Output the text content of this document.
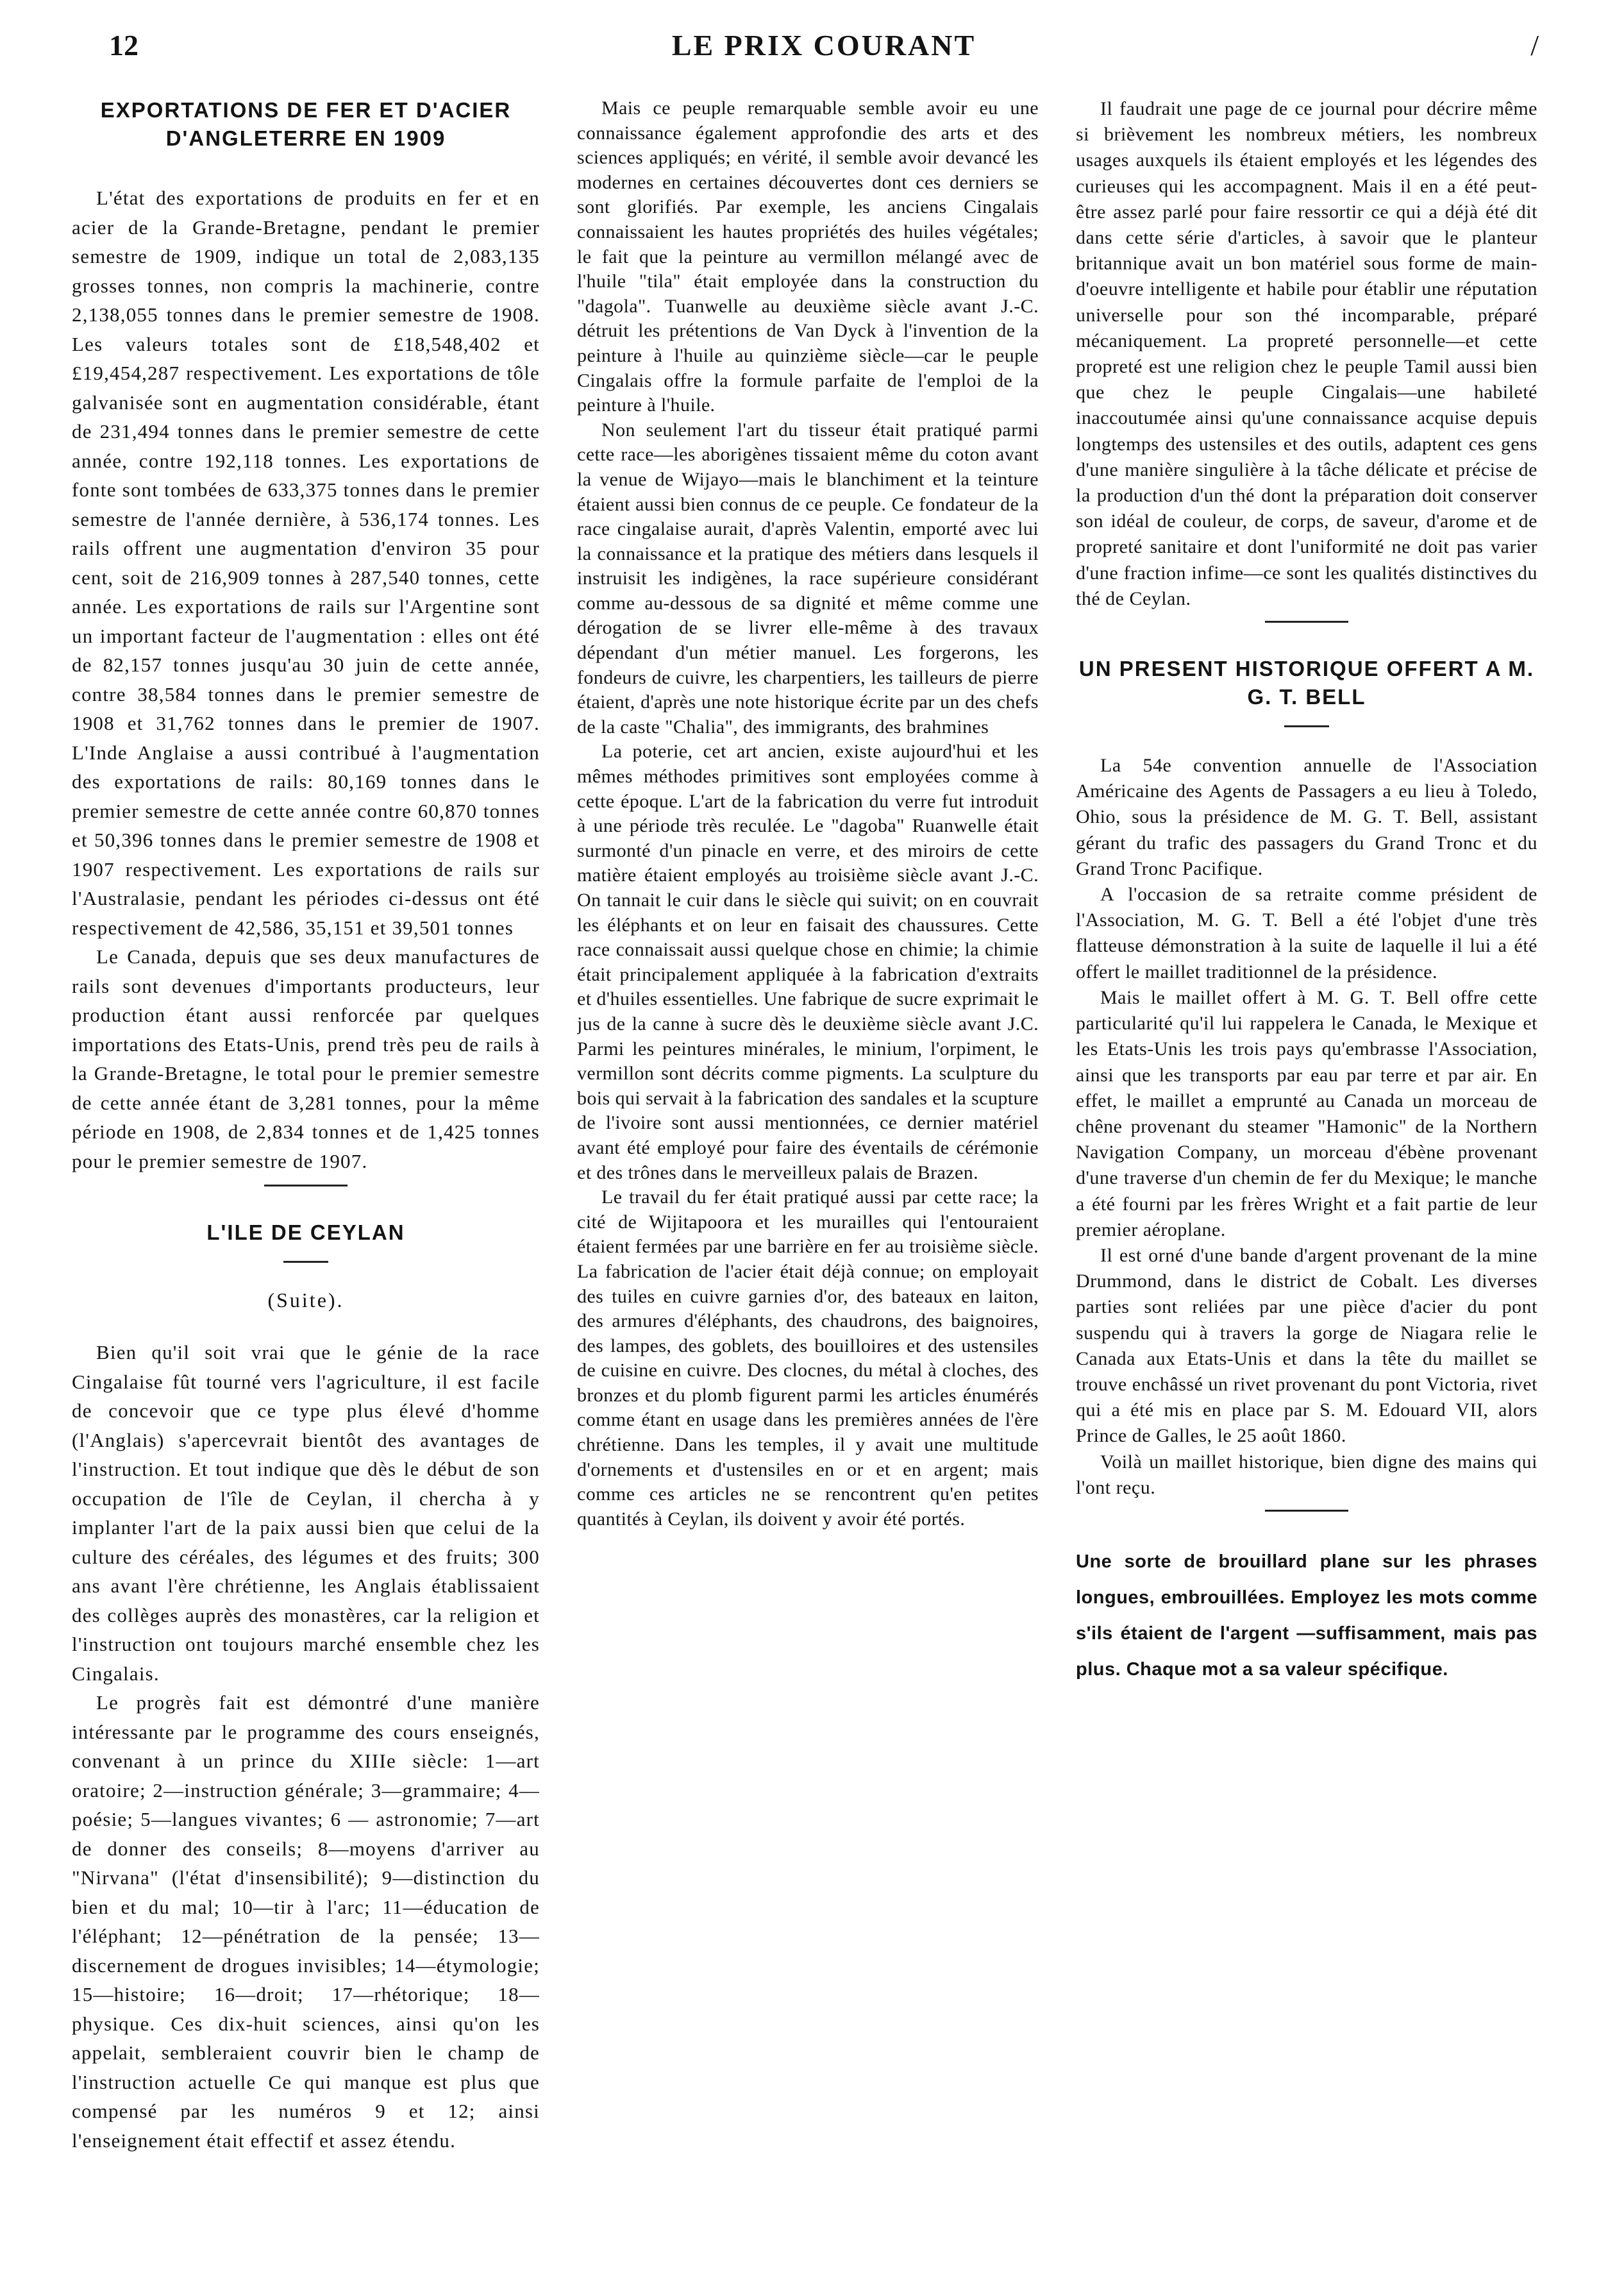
12	LE PRIX COURANT	/
EXPORTATIONS DE FER ET D'ACIER D'ANGLETERRE EN 1909

L'état des exportations de produits en fer et en acier de la Grande-Bretagne, pendant le premier semestre de 1909, indique un total de 2,083,135 grosses tonnes, non compris la machinerie, contre 2,138,055 tonnes dans le premier semestre de 1908. Les valeurs totales sont de £18,548,402 et £19,454,287 respectivement. Les exportations de tôle galvanisée sont en augmentation considérable, étant de 231,494 tonnes dans le premier semestre de cette année, contre 192,118 tonnes. Les exportations de fonte sont tombées de 633,375 tonnes dans le premier semestre de l'année dernière, à 536,174 tonnes. Les rails offrent une augmentation d'environ 35 pour cent, soit de 216,909 tonnes à 287,540 tonnes, cette année. Les exportations de rails sur l'Argentine sont un important facteur de l'augmentation : elles ont été de 82,157 tonnes jusqu'au 30 juin de cette année, contre 38,584 tonnes dans le premier semestre de 1908 et 31,762 tonnes dans le premier de 1907. L'Inde Anglaise a aussi contribué à l'augmentation des exportations de rails: 80,169 tonnes dans le premier semestre de cette année contre 60,870 tonnes et 50,396 tonnes dans le premier semestre de 1908 et 1907 respectivement. Les exportations de rails sur l'Australasie, pendant les périodes ci-dessus ont été respectivement de 42,586, 35,151 et 39,501 tonnes

Le Canada, depuis que ses deux manufactures de rails sont devenues d'importants producteurs, leur production étant aussi renforcée par quelques importations des Etats-Unis, prend très peu de rails à la Grande-Bretagne, le total pour le premier semestre de cette année étant de 3,281 tonnes, pour la même période en 1908, de 2,834 tonnes et de 1,425 tonnes pour le premier semestre de 1907.

L'ILE DE CEYLAN
(Suite).

Bien qu'il soit vrai que le génie de la race Cingalaise fût tourné vers l'agriculture, il est facile de concevoir que ce type plus élevé d'homme (l'Anglais) s'apercevrait bientôt des avantages de l'instruction. Et tout indique que dès le début de son occupation de l'île de Ceylan, il chercha à y implanter l'art de la paix aussi bien que celui de la culture des céréales, des légumes et des fruits; 300 ans avant l'ère chrétienne, les Anglais établissaient des collèges auprès des monastères, car la religion et l'instruction ont toujours marché ensemble chez les Cingalais.

Le progrès fait est démontré d'une manière intéressante par le programme des cours enseignés, convenant à un prince du XIIIe siècle: 1—art oratoire; 2—instruction générale; 3—grammaire; 4—poésie; 5—langues vivantes; 6 — astronomie; 7—art de donner des conseils; 8—moyens d'arriver au "Nirvana" (l'état d'insensibilité); 9—distinction du bien et du mal; 10—tir à l'arc; 11—éducation de l'éléphant; 12—pénétration de la pensée; 13—discernement de drogues invisibles; 14—étymologie; 15—histoire; 16—droit; 17—rhétorique; 18—physique. Ces dix-huit sciences, ainsi qu'on les appelait, sembleraient couvrir bien le champ de l'instruction actuelle Ce qui manque est plus que compensé par les numéros 9 et 12; ainsi l'enseignement était effectif et assez étendu.

Mais ce peuple remarquable semble avoir eu une connaissance également approfondie des arts et des sciences appliqués; en vérité, il semble avoir devancé les modernes en certaines découvertes dont ces derniers se sont glorifiés. Par exemple, les anciens Cingalais connaissaient les hautes propriétés des huiles végétales; le fait que la peinture au vermillon mélangé avec de l'huile "tila" était employée dans la construction du "dagola". Tuanwelle au deuxième siècle avant J.-C. détruit les prétentions de Van Dyck à l'invention de la peinture à l'huile au quinzième siècle—car le peuple Cingalais offre la formule parfaite de l'emploi de la peinture à l'huile.

Non seulement l'art du tisseur était pratiqué parmi cette race—les aborigènes tissaient même du coton avant la venue de Wijayo—mais le blanchiment et la teinture étaient aussi bien connus de ce peuple. Ce fondateur de la race cingalaise aurait, d'après Valentin, emporté avec lui la connaissance et la pratique des métiers dans lesquels il instruisit les indigènes, la race supérieure considérant comme au-dessous de sa dignité et même comme une dérogation de se livrer elle-même à des travaux dépendant d'un métier manuel. Les forgerons, les fondeurs de cuivre, les charpentiers, les tailleurs de pierre étaient, d'après une note historique écrite par un des chefs de la caste "Chalia", des immigrants, des brahmines

La poterie, cet art ancien, existe aujourd'hui et les mêmes méthodes primitives sont employées comme à cette époque. L'art de la fabrication du verre fut introduit à une période très reculée. Le "dagoba" Ruanwelle était surmonté d'un pinacle en verre, et des miroirs de cette matière étaient employés au troisième siècle avant J.-C. On tannait le cuir dans le siècle qui suivit; on en couvrait les éléphants et on leur en faisait des chaussures. Cette race connaissait aussi quelque chose en chimie; la chimie était principalement appliquée à la fabrication d'extraits et d'huiles essentielles. Une fabrique de sucre exprimait le jus de la canne à sucre dès le deuxième siècle avant J.C. Parmi les peintures minérales, le minium, l'orpiment, le vermillon sont décrits comme pigments. La sculpture du bois qui servait à la fabrication des sandales et la scupture de l'ivoire sont aussi mentionnées, ce dernier matériel avant été employé pour faire des éventails de cérémonie et des trônes dans le merveilleux palais de Brazen.

Le travail du fer était pratiqué aussi par cette race; la cité de Wijitapoora et les murailles qui l'entouraient étaient fermées par une barrière en fer au troisième siècle. La fabrication de l'acier était déjà connue; on employait des tuiles en cuivre garnies d'or, des bateaux en laiton, des armures d'éléphants, des chaudrons, des baignoires, des lampes, des goblets, des bouilloires et des ustensiles de cuisine en cuivre. Des clocnes, du métal à cloches, des bronzes et du plomb figurent parmi les articles énumérés comme étant en usage dans les premières années de l'ère chrétienne. Dans les temples, il y avait une multitude d'ornements et d'ustensiles en or et en argent; mais comme ces articles ne se rencontrent qu'en petites quantités à Ceylan, ils doivent y avoir été portés.

Il faudrait une page de ce journal pour décrire même si brièvement les nombreux métiers, les nombreux usages auxquels ils étaient employés et les légendes des curieuses qui les accompagnent. Mais il en a été peut-être assez parlé pour faire ressortir ce qui a déjà été dit dans cette série d'articles, à savoir que le planteur britannique avait un bon matériel sous forme de main-d'oeuvre intelligente et habile pour établir une réputation universelle pour son thé incomparable, préparé mécaniquement. La propreté personnelle—et cette propreté est une religion chez le peuple Tamil aussi bien que chez le peuple Cingalais—une habileté inaccoutumée ainsi qu'une connaissance acquise depuis longtemps des ustensiles et des outils, adaptent ces gens d'une manière singulière à la tâche délicate et précise de la production d'un thé dont la préparation doit conserver son idéal de couleur, de corps, de saveur, d'arome et de propreté sanitaire et dont l'uniformité ne doit pas varier d'une fraction infime—ce sont les qualités distinctives du thé de Ceylan.

UN PRESENT HISTORIQUE OFFERT A M. G. T. BELL

La 54e convention annuelle de l'Association Américaine des Agents de Passagers a eu lieu à Toledo, Ohio, sous la présidence de M. G. T. Bell, assistant gérant du trafic des passagers du Grand Tronc et du Grand Tronc Pacifique.

A l'occasion de sa retraite comme président de l'Association, M. G. T. Bell a été l'objet d'une très flatteuse démonstration à la suite de laquelle il lui a été offert le maillet traditionnel de la présidence.

Mais le maillet offert à M. G. T. Bell offre cette particularité qu'il lui rappelera le Canada, le Mexique et les Etats-Unis les trois pays qu'embrasse l'Association, ainsi que les transports par eau par terre et par air. En effet, le maillet a emprunté au Canada un morceau de chêne provenant du steamer "Hamonic" de la Northern Navigation Company, un morceau d'ébène provenant d'une traverse d'un chemin de fer du Mexique; le manche a été fourni par les frères Wright et a fait partie de leur premier aéroplane.

Il est orné d'une bande d'argent provenant de la mine Drummond, dans le district de Cobalt. Les diverses parties sont reliées par une pièce d'acier du pont suspendu qui à travers la gorge de Niagara relie le Canada aux Etats-Unis et dans la tête du maillet se trouve enchâssé un rivet provenant du pont Victoria, rivet qui a été mis en place par S. M. Edouard VII, alors Prince de Galles, le 25 août 1860.

Voilà un maillet historique, bien digne des mains qui l'ont reçu.

Une sorte de brouillard plane sur les phrases longues, embrouillées. Employez les mots comme s'ils étaient de l'argent —suffisamment, mais pas plus. Chaque mot a sa valeur spécifique.
